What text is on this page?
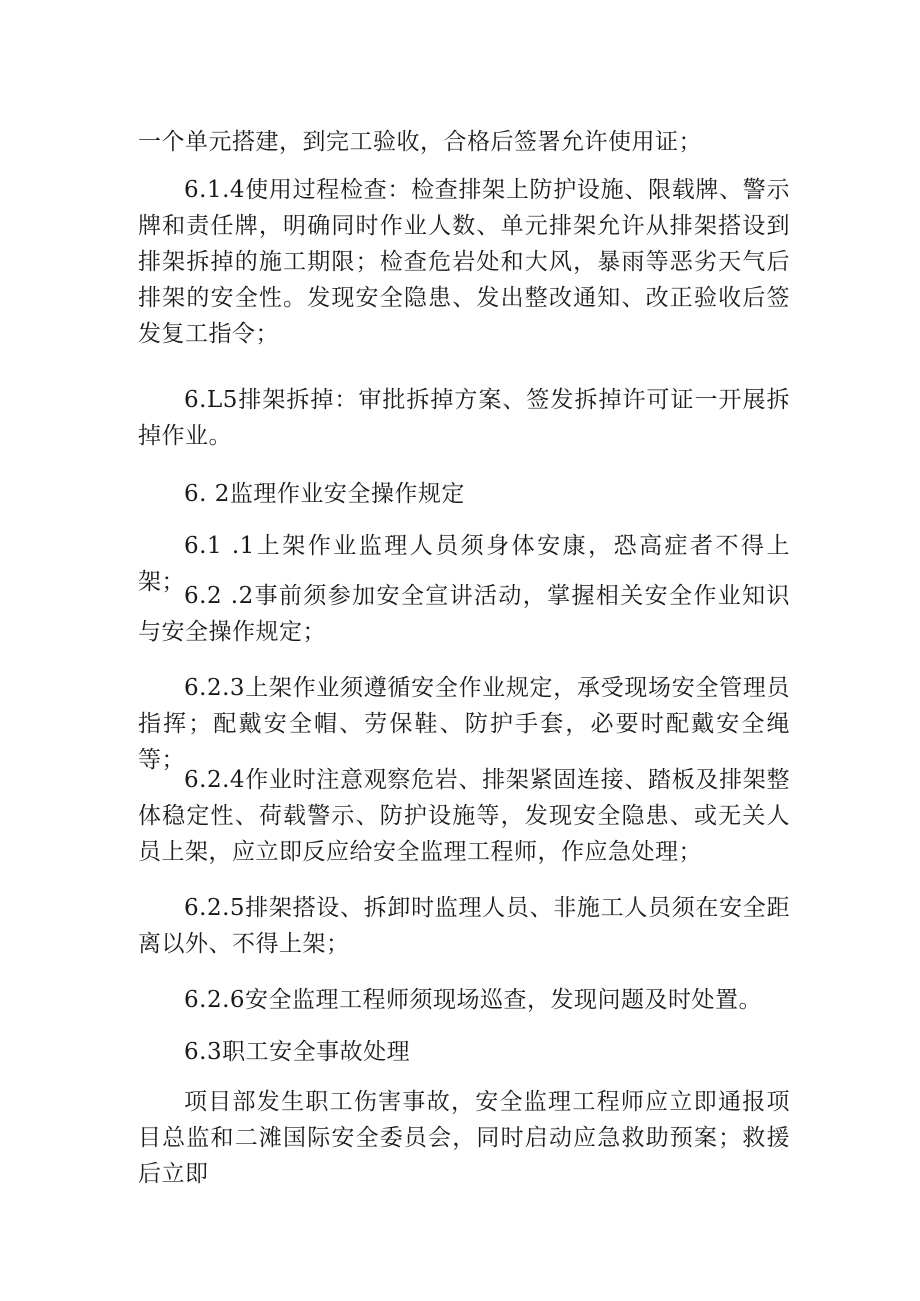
一个单元搭建，到完工验收，合格后签署允许使用证；

6.1.4使用过程检查：检查排架上防护设施、限载牌、警示牌和责任牌，明确同时作业人数、单元排架允许从排架搭设到排架拆掉的施工期限；检查危岩处和大风，暴雨等恶劣天气后排架的安全性。发现安全隐患、发出整改通知、改正验收后签发复工指令；

6.L5排架拆掉：审批拆掉方案、签发拆掉许可证一开展拆掉作业。

6. 2监理作业安全操作规定

6.1 .1上架作业监理人员须身体安康，恐高症者不得上架；

6.2 .2事前须参加安全宣讲活动，掌握相关安全作业知识与安全操作规定；

6.2.3上架作业须遵循安全作业规定，承受现场安全管理员指挥；配戴安全帽、劳保鞋、防护手套，必要时配戴安全绳等；

6.2.4作业时注意观察危岩、排架紧固连接、踏板及排架整体稳定性、荷载警示、防护设施等，发现安全隐患、或无关人员上架，应立即反应给安全监理工程师，作应急处理；

6.2.5排架搭设、拆卸时监理人员、非施工人员须在安全距离以外、不得上架；

6.2.6安全监理工程师须现场巡查，发现问题及时处置。

6.3职工安全事故处理

项目部发生职工伤害事故，安全监理工程师应立即通报项目总监和二滩国际安全委员会，同时启动应急救助预案；救援后立即
